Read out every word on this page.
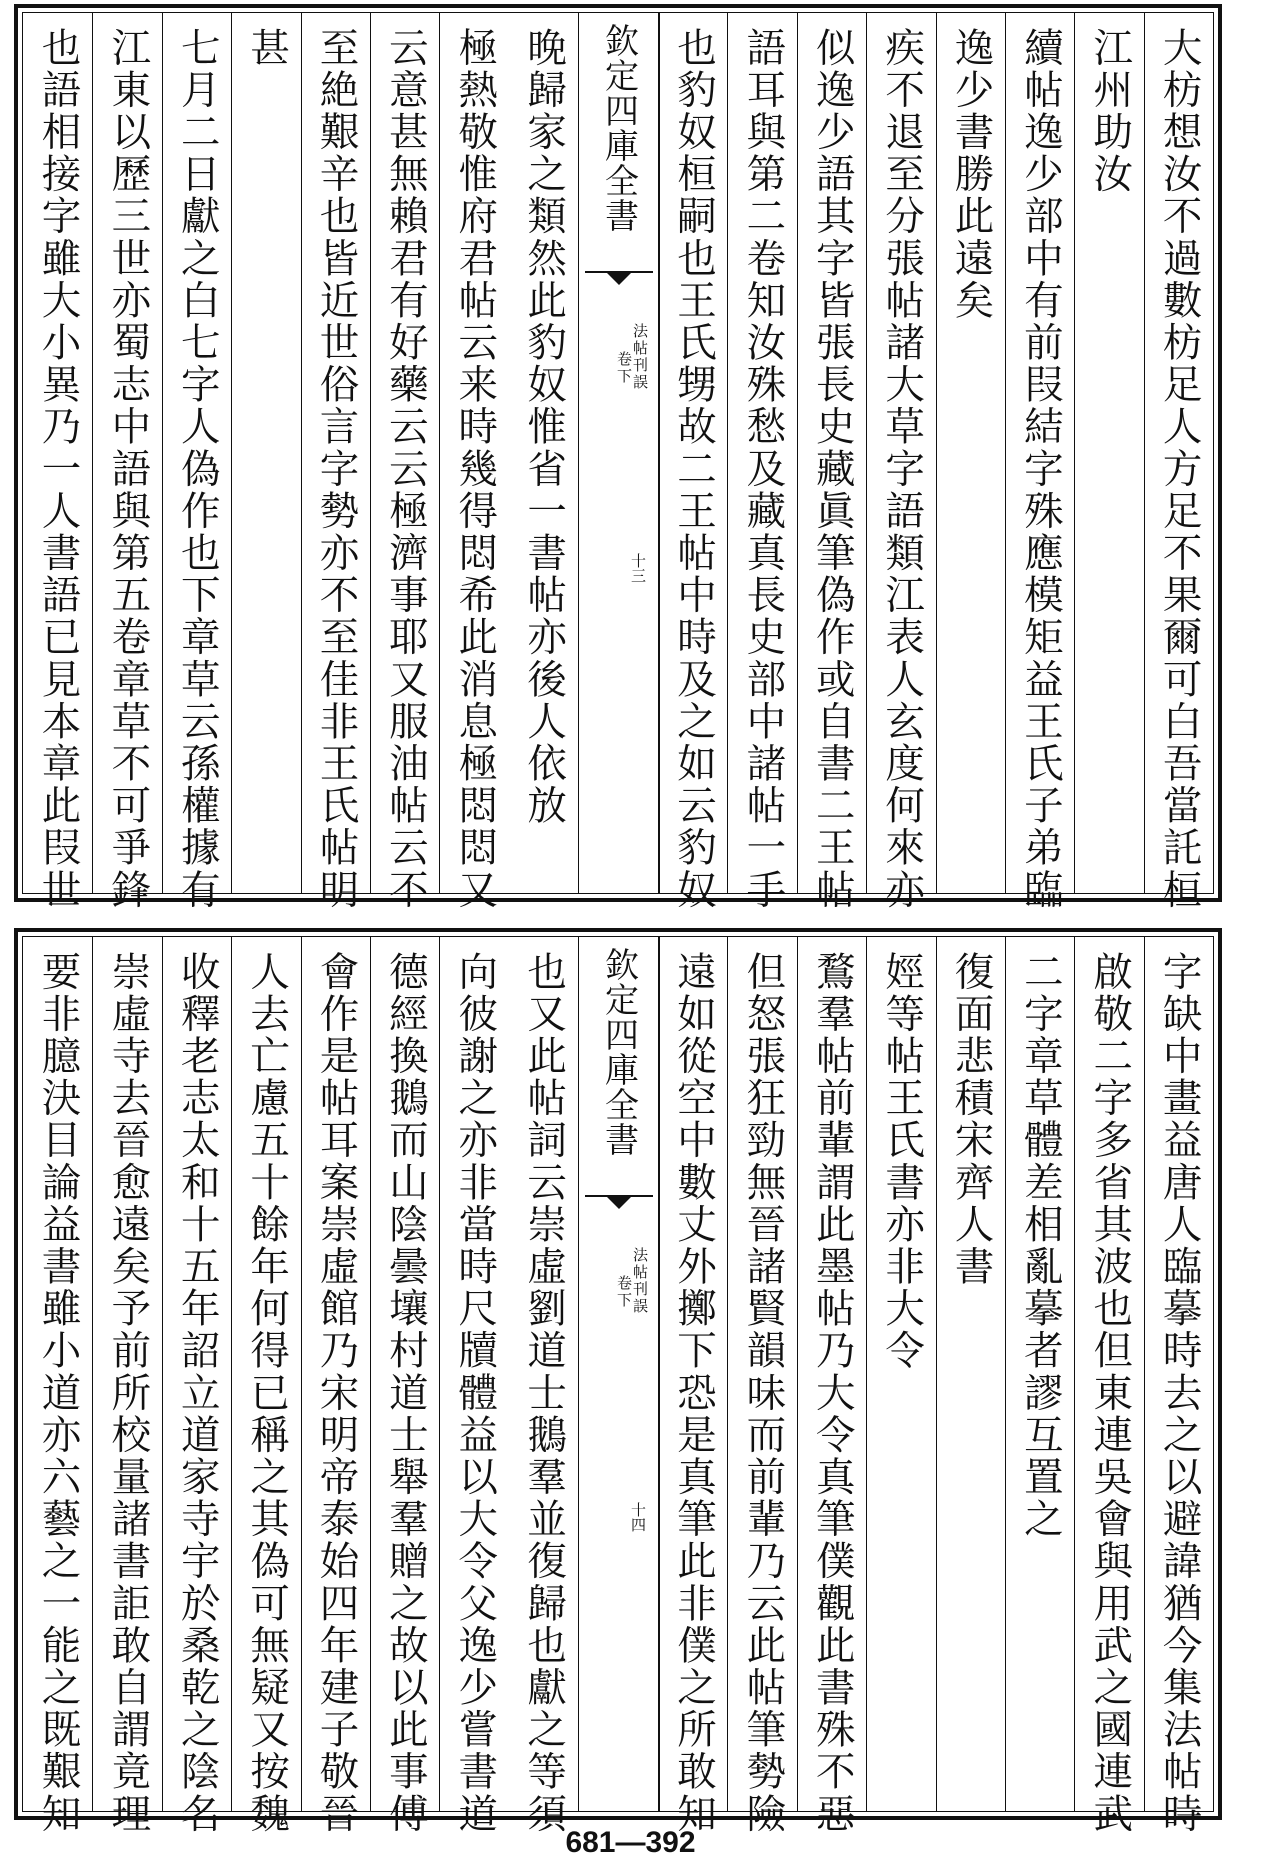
晚歸家之類然此豹奴惟省一書帖亦後人依放	大枋想汝不過數枋足人方足不果爾可白吾當託桓
極熱敬惟府君帖云来時幾得悶希此消息極悶悶又	江州助汝
云意甚無賴君有好藥云云極濟事耶又服油帖云不	續帖逸少部中有前叚結字殊應模矩益王氏子弟臨
至絶艱辛也皆近世俗言字勢亦不至佳非王氏帖明	逸少書勝此遠矣
甚	疾不退至分張帖諸大草字語類江表人玄度何來亦
七月二日獻之白七字人偽作也下章草云孫權據有	似逸少語其字皆張長史藏眞筆偽作或自書二王帖
江東以歷三世亦蜀志中語與第五卷章草不可爭鋒	語耳與第二卷知汝殊愁及藏真長史部中諸帖一手
也語相接字雖大小異乃一人書語已見本章此叚世	也豹奴桓嗣也王氏甥故二王帖中時及之如云豹奴
欽定四庫全書
法帖刊誤
卷下
十三
也又此帖詞云崇虛劉道士鵝羣並復歸也獻之等須	字缺中畫益唐人臨摹時去之以避諱猶今集法帖時
向彼謝之亦非當時尺牘體益以大令父逸少嘗書道	啟敬二字多省其波也但東連吳會與用武之國連武
德經換鵝而山陰曇壤村道士舉羣贈之故以此事傅	二字章草體差相亂摹者謬互置之
會作是帖耳案崇虛館乃宋明帝泰始四年建子敬晉	復面悲積宋齊人書
人去亡慮五十餘年何得已稱之其偽可無疑又按魏	娙等帖王氏書亦非大令
收釋老志太和十五年詔立道家寺宇於桑乾之陰名	鶩羣帖前輩謂此墨帖乃大令真筆僕觀此書殊不惡
崇虛寺去晉愈遠矣予前所校量諸書詎敢自謂竟理	但怒張狂勁無晉諸賢韻味而前輩乃云此帖筆勢險
要非臆決目論益書雖小道亦六藝之一能之既艱知	遠如從空中數丈外擲下恐是真筆此非僕之所敢知
欽定四庫全書
法帖刊誤
卷下
十四
681—392
